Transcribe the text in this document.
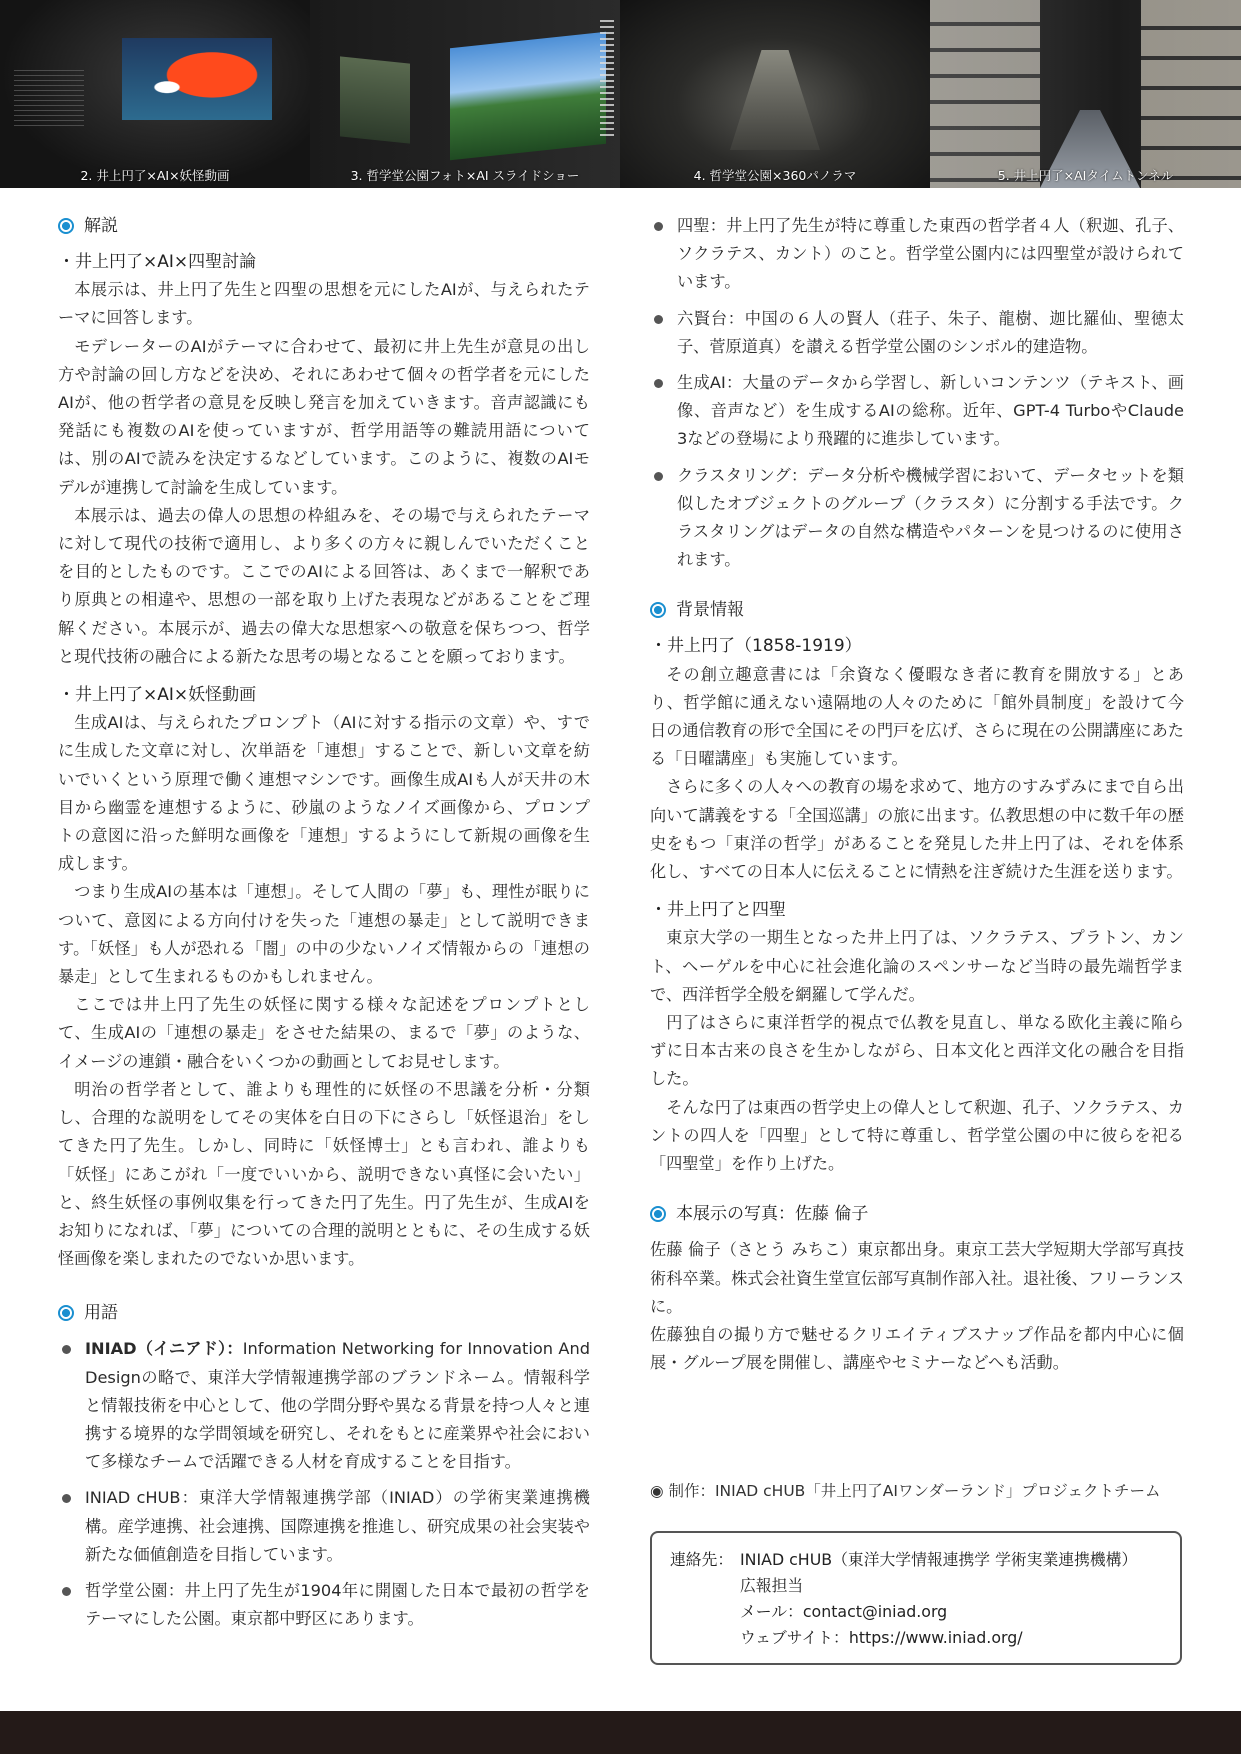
2. 井上円了×AI×妖怪動画	3. 哲学堂公園フォト×AI スライドショー	4. 哲学堂公園×360パノラマ	5. 井上円了×AIタイムトンネル
解説
・井上円了×AI×四聖討論

本展示は、井上円了先生と四聖の思想を元にしたAIが、与えられたテーマに回答します。

モデレーターのAIがテーマに合わせて、最初に井上先生が意見の出し方や討論の回し方などを決め、それにあわせて個々の哲学者を元にしたAIが、他の哲学者の意見を反映し発言を加えていきます。音声認識にも発話にも複数のAIを使っていますが、哲学用語等の難読用語については、別のAIで読みを決定するなどしています。このように、複数のAIモデルが連携して討論を生成しています。

本展示は、過去の偉人の思想の枠組みを、その場で与えられたテーマに対して現代の技術で適用し、より多くの方々に親しんでいただくことを目的としたものです。ここでのAIによる回答は、あくまで一解釈であり原典との相違や、思想の一部を取り上げた表現などがあることをご理解ください。本展示が、過去の偉大な思想家への敬意を保ちつつ、哲学と現代技術の融合による新たな思考の場となることを願っております。

・井上円了×AI×妖怪動画

生成AIは、与えられたプロンプト（AIに対する指示の文章）や、すでに生成した文章に対し、次単語を「連想」することで、新しい文章を紡いでいくという原理で働く連想マシンです。画像生成AIも人が天井の木目から幽霊を連想するように、砂嵐のようなノイズ画像から、プロンプトの意図に沿った鮮明な画像を「連想」するようにして新規の画像を生成します。

つまり生成AIの基本は「連想」。そして人間の「夢」も、理性が眠りについて、意図による方向付けを失った「連想の暴走」として説明できます。「妖怪」も人が恐れる「闇」の中の少ないノイズ情報からの「連想の暴走」として生まれるものかもしれません。

ここでは井上円了先生の妖怪に関する様々な記述をプロンプトとして、生成AIの「連想の暴走」をさせた結果の、まるで「夢」のような、イメージの連鎖・融合をいくつかの動画としてお見せします。

明治の哲学者として、誰よりも理性的に妖怪の不思議を分析・分類し、合理的な説明をしてその実体を白日の下にさらし「妖怪退治」をしてきた円了先生。しかし、同時に「妖怪博士」とも言われ、誰よりも「妖怪」にあこがれ「一度でいいから、説明できない真怪に会いたい」と、終生妖怪の事例収集を行ってきた円了先生。円了先生が、生成AIをお知りになれば、「夢」についての合理的説明とともに、その生成する妖怪画像を楽しまれたのでないか思います。

用語
INIAD（イニアド）：Information Networking for Innovation And Designの略で、東洋大学情報連携学部のブランドネーム。情報科学と情報技術を中心として、他の学問分野や異なる背景を持つ人々と連携する境界的な学問領域を研究し、それをもとに産業界や社会において多様なチームで活躍できる人材を育成することを目指す。
INIAD cHUB：東洋大学情報連携学部（INIAD）の学術実業連携機構。産学連携、社会連携、国際連携を推進し、研究成果の社会実装や新たな価値創造を目指しています。
哲学堂公園：井上円了先生が1904年に開園した日本で最初の哲学をテーマにした公園。東京都中野区にあります。
四聖：井上円了先生が特に尊重した東西の哲学者４人（釈迦、孔子、ソクラテス、カント）のこと。哲学堂公園内には四聖堂が設けられています。
六賢台：中国の６人の賢人（荘子、朱子、龍樹、迦比羅仙、聖徳太子、菅原道真）を讃える哲学堂公園のシンボル的建造物。
生成AI：大量のデータから学習し、新しいコンテンツ（テキスト、画像、音声など）を生成するAIの総称。近年、GPT-4 TurboやClaude 3などの登場により飛躍的に進歩しています。
クラスタリング：データ分析や機械学習において、データセットを類似したオブジェクトのグループ（クラスタ）に分割する手法です。クラスタリングはデータの自然な構造やパターンを見つけるのに使用されます。
背景情報
・井上円了（1858-1919）

その創立趣意書には「余資なく優暇なき者に教育を開放する」とあり、哲学館に通えない遠隔地の人々のために「館外員制度」を設けて今日の通信教育の形で全国にその門戸を広げ、さらに現在の公開講座にあたる「日曜講座」も実施しています。

さらに多くの人々への教育の場を求めて、地方のすみずみにまで自ら出向いて講義をする「全国巡講」の旅に出ます。仏教思想の中に数千年の歴史をもつ「東洋の哲学」があることを発見した井上円了は、それを体系化し、すべての日本人に伝えることに情熱を注ぎ続けた生涯を送ります。

・井上円了と四聖

東京大学の一期生となった井上円了は、ソクラテス、プラトン、カント、ヘーゲルを中心に社会進化論のスペンサーなど当時の最先端哲学まで、西洋哲学全般を網羅して学んだ。

円了はさらに東洋哲学的視点で仏教を見直し、単なる欧化主義に陥らずに日本古来の良さを生かしながら、日本文化と西洋文化の融合を目指した。

そんな円了は東西の哲学史上の偉人として釈迦、孔子、ソクラテス、カントの四人を「四聖」として特に尊重し、哲学堂公園の中に彼らを祀る「四聖堂」を作り上げた。

本展示の写真：佐藤 倫子
佐藤 倫子（さとう みちこ）東京都出身。東京工芸大学短期大学部写真技術科卒業。株式会社資生堂宣伝部写真制作部入社。退社後、フリーランスに。
佐藤独自の撮り方で魅せるクリエイティブスナップ作品を都内中心に個展・グループ展を開催し、講座やセミナーなどへも活動。
◉ 制作：INIAD cHUB「井上円了AIワンダーランド」プロジェクトチーム
連絡先： INIAD cHUB（東洋大学情報連携学 学術実業連携機構）
広報担当
メール：contact@iniad.org
ウェブサイト：https://www.iniad.org/
